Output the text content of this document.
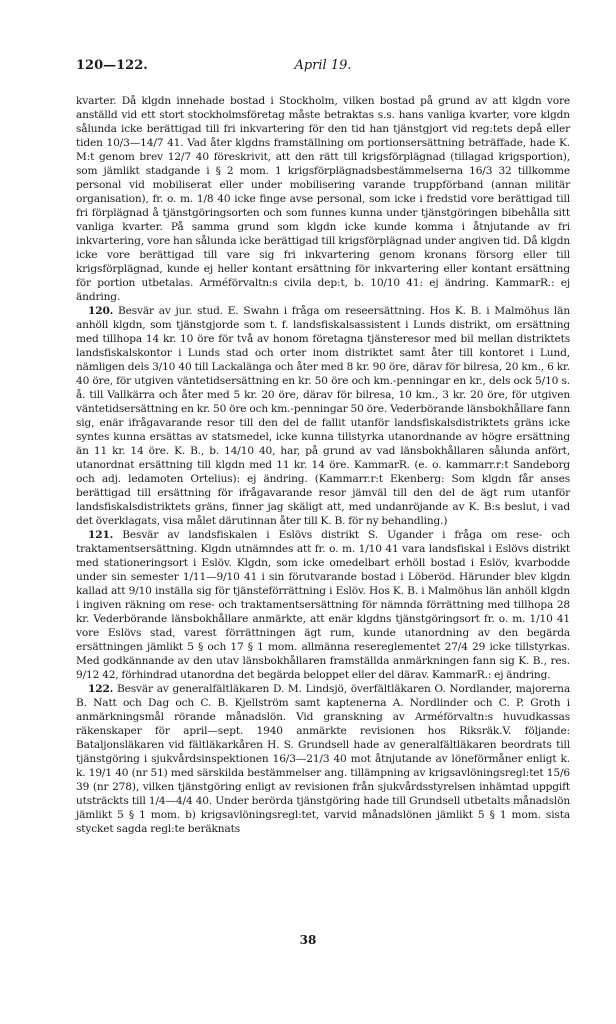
120—122.	April 19.

kvarter. Då klgdn innehade bostad i Stockholm, vilken bostad på grund av att klgdn vore anställd vid ett stort stockholmsföretag måste betraktas s.s. hans vanliga kvarter, vore klgdn sålunda icke berättigad till fri inkvartering för den tid han tjänstgjort vid reg:tets depå eller tiden 10/3—14/7 41. Vad åter klgdns framställning om portionsersättning beträffade, hade K. M:t genom brev 12/7 40 föreskrivit, att den rätt till krigsförplägnad (tillagad krigsportion), som jämlikt stadgande i § 2 mom. 1 krigsförplägnadsbestämmelserna 16/3 32 tillkomme personal vid mobiliserat eller under mobilisering varande truppförband (annan militär organisation), fr. o. m. 1/8 40 icke finge avse personal, som icke i fredstid vore berättigad till fri förplägnad å tjänstgöringsorten och som funnes kunna under tjänstgöringen bibehålla sitt vanliga kvarter. På samma grund som klgdn icke kunde komma i åtnjutande av fri inkvartering, vore han sålunda icke berättigad till krigsförplägnad under angiven tid. Då klgdn icke vore berättigad till vare sig fri inkvartering genom kronans försorg eller till krigsförplägnad, kunde ej heller kontant ersättning för inkvartering eller kontant ersättning för portion utbetalas. Arméförvaltn:s civila dep:t, b. 10/10 41: ej ändring. KammarR.: ej ändring.

120. Besvär av jur. stud. E. Swahn i fråga om reseersättning. Hos K. B. i Malmöhus län anhöll klgdn, som tjänstgjorde som t. f. landsfiskalsassistent i Lunds distrikt, om ersättning med tillhopa 14 kr. 10 öre för två av honom företagna tjänsteresor med bil mellan distriktets landsfiskalskontor i Lunds stad och orter inom distriktet samt åter till kontoret i Lund, nämligen dels 3/10 40 till Lackalänga och åter med 8 kr. 90 öre, därav för bilresa, 20 km., 6 kr. 40 öre, för utgiven väntetidsersättning en kr. 50 öre och km.-penningar en kr., dels ock 5/10 s. å. till Vallkärra och åter med 5 kr. 20 öre, därav för bilresa, 10 km., 3 kr. 20 öre, för utgiven väntetidsersättning en kr. 50 öre och km.-penningar 50 öre. Vederbörande länsbokhållare fann sig, enär ifrågavarande resor till den del de fallit utanför landsfiskalsdistriktets gräns icke syntes kunna ersättas av statsmedel, icke kunna tillstyrka utanordnande av högre ersättning än 11 kr. 14 öre. K. B., b. 14/10 40, har, på grund av vad länsbokhållaren sålunda anfört, utanordnat ersättning till klgdn med 11 kr. 14 öre. KammarR. (e. o. kammarr.r:t Sandeborg och adj. ledamoten Ortelius): ej ändring. (Kammarr.r:t Ekenberg: Som klgdn får anses berättigad till ersättning för ifrågavarande resor jämväl till den del de ägt rum utanför landsfiskalsdistriktets gräns, finner jag skäligt att, med undanröjande av K. B:s beslut, i vad det överklagats, visa målet därutinnan åter till K. B. för ny behandling.)

121. Besvär av landsfiskalen i Eslövs distrikt S. Ugander i fråga om rese- och traktamentsersättning. Klgdn utnämndes att fr. o. m. 1/10 41 vara landsfiskal i Eslövs distrikt med stationeringsort i Eslöv. Klgdn, som icke omedelbart erhöll bostad i Eslöv, kvarbodde under sin semester 1/11—9/10 41 i sin förutvarande bostad i Löberöd. Härunder blev klgdn kallad att 9/10 inställa sig för tjänsteförrättning i Eslöv. Hos K. B. i Malmöhus län anhöll klgdn i ingiven räkning om rese- och traktamentsersättning för nämnda förrättning med tillhopa 28 kr. Vederbörande länsbokhållare anmärkte, att enär klgdns tjänstgöringsort fr. o. m. 1/10 41 vore Eslövs stad, varest förrättningen ägt rum, kunde utanordning av den begärda ersättningen jämlikt 5 § och 17 § 1 mom. allmänna resereglementet 27/4 29 icke tillstyrkas. Med godkännande av den utav länsbokhållaren framställda anmärkningen fann sig K. B., res. 9/12 42, förhindrad utanordna det begärda beloppet eller del därav. KammarR.: ej ändring.

122. Besvär av generalfältläkaren D. M. Lindsjö, överfältläkaren O. Nordlander, majorerna B. Natt och Dag och C. B. Kjellström samt kaptenerna A. Nordlinder och C. P. Groth i anmärkningsmål rörande månadslön. Vid granskning av Arméförvaltn:s huvudkassas räkenskaper för april—sept. 1940 anmärkte revisionen hos Riksräk.V. följande: Bataljonsläkaren vid fältläkarkåren H. S. Grundsell hade av generalfältläkaren beordrats till tjänstgöring i sjukvårdsinspektionen 16/3—21/3 40 mot åtnjutande av löneförmåner enligt k. k. 19/1 40 (nr 51) med särskilda bestämmelser ang. tillämpning av krigsavlöningsregl:tet 15/6 39 (nr 278), vilken tjänstgöring enligt av revisionen från sjukvårdsstyrelsen inhämtad uppgift utsträckts till 1/4—4/4 40. Under berörda tjänstgöring hade till Grundsell utbetalts månadslön jämlikt 5 § 1 mom. b) krigsavlöningsregl:tet, varvid månadslönen jämlikt 5 § 1 mom. sista stycket sagda regl:te beräknats

38
